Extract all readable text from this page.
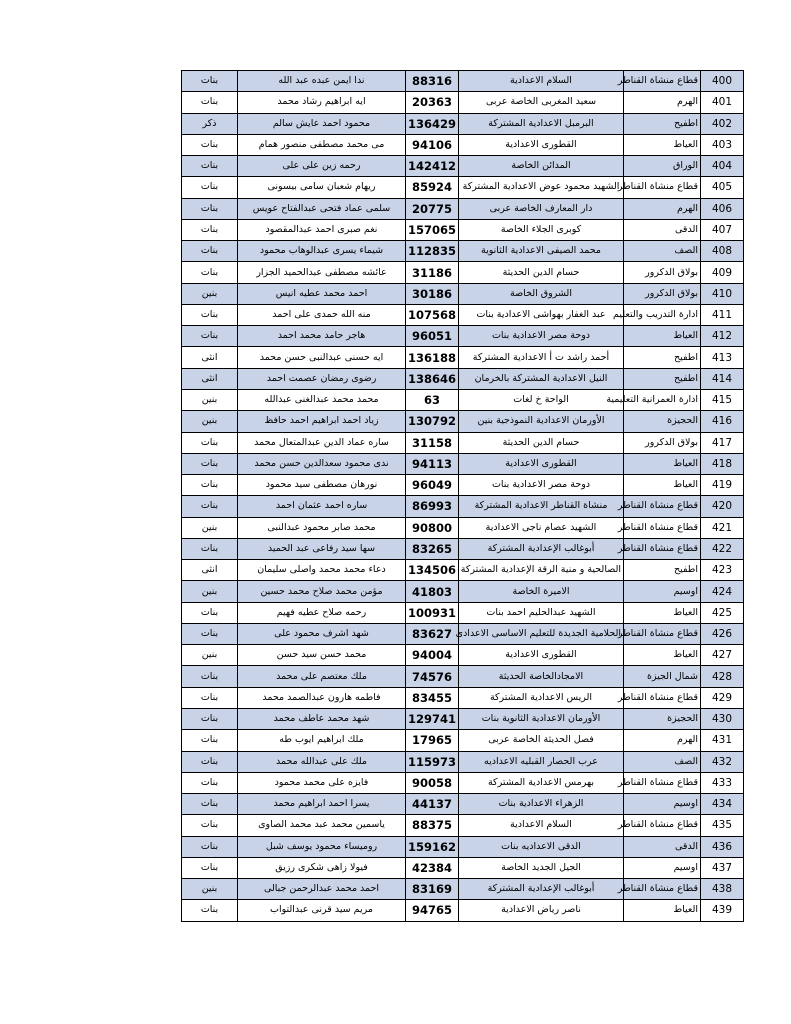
بنات	ندا ايمن عبده عبد الله	88316	السلام الاعدادية	قطاع منشاة القناطر	400
بنات	ايه ابراهيم رشاد محمد	20363	سعيد المغربى الخاصة عربى	الهرم	401
ذكر	محمود احمد عايش سالم	136429	البرمبل الاعدادية المشتركة	اطفيح	402
بنات	مى محمد مصطفى منصور همام	94106	القطورى الاعدادية	العياط	403
بنات	رحمه زين على على	142412	المدائن الخاصة	الوراق	404
بنات	ريهام شعبان سامى بيسونى	85924	الشهيد محمود عوض الاعدادية المشتركة	قطاع منشاة القناطر	405
بنات	سلمى عماد فتحى عبدالفتاح عويس	20775	دار المعارف الخاصة عربى	الهرم	406
بنات	نغم صبرى احمد عبدالمقصود	157065	كوبرى الجلاء الخاصة	الدقى	407
بنات	شيماء يسرى عبدالوهاب محمود	112835	محمد الصيفى الاعدادية الثانوية	الصف	408
بنات	عائشه مصطفى عبدالحميد الجزار	31186	حسام الدين الحديثة	بولاق الدكرور	409
بنين	احمد محمد عطيه انيس	30186	الشروق الخاصة	بولاق الدكرور	410
بنات	منه الله حمدى على احمد	107568	عبد الغفار بهواشى الاعدادية بنات	ادارة التدريب والتعليم	411
بنات	هاجر حامد محمد احمد	96051	دوحة مصر الاعدادية بنات	العياط	412
انثى	ايه حسنى عبدالنبى حسن محمد	136188	أحمد راشد ت أ الاعدادية المشتركة	اطفيح	413
انثى	رضوى رمضان عصمت احمد	138646	النيل الاعدادية المشتركة بالخرمان	اطفيح	414
بنين	محمد محمد عبدالغنى عبدالله	63	الواحة خ لغات	ادارة العمرانية التعليمية	415
بنين	زياد احمد ابراهيم احمد حافظ	130792	الأورمان الاعدادية النموذجية بنين	الحجيزة	416
بنات	ساره عماد الدين عبدالمتعال محمد	31158	حسام الدين الحديثة	بولاق الدكرور	417
بنات	ندى محمود سعدالدين حسن محمد	94113	القطورى الاعدادية	العياط	418
بنات	نورهان مصطفى سيد محمود	96049	دوحة مصر الاعدادية بنات	العياط	419
بنات	ساره احمد عثمان احمد	86993	منشاة القناطر الاعدادية المشتركة	قطاع منشاة القناطر	420
بنين	محمد صابر محمود عبدالنبى	90800	الشهيد عصام ناجى الاعدادية	قطاع منشاة القناطر	421
بنات	سها سيد رفاعى عبد الحميد	83265	أبوغالب الإعدادية المشتركة	قطاع منشاة القناطر	422
انثى	دعاء محمد محمد واصلى سليمان	134506	الصالحية و منية الرقة الإعدادية المشتركة	اطفيح	423
بنين	مؤمن محمد صلاح محمد حسين	41803	الاميرة الخاصة	اوسيم	424
بنات	رحمه صلاح عطيه فهيم	100931	الشهيد عبدالحليم احمد بنات	العياط	425
بنات	شهد اشرف محمود على	83627	الحلامية الجديدة للتعليم الاساسى الاعدادى	قطاع منشاة القناطر	426
بنين	محمد حسن سيد حسن	94004	القطورى الاعدادية	العياط	427
بنات	ملك معتصم على محمد	74576	الامجادالخاصة الحديثة	شمال الجيزة	428
بنات	فاطمه هارون عبدالصمد محمد	83455	الريس الاعدادية المشتركة	قطاع منشاة القناطر	429
بنات	شهد محمد عاطف محمد	129741	الأورمان الاعدادية الثانوية بنات	الحجيزة	430
بنات	ملك ابراهيم ايوب طه	17965	فصل الحديثة الخاصة عربى	الهرم	431
بنات	ملك على عبدالله محمد	115973	عرب الحصار القبليه الاعداديه	الصف	432
بنات	فايزه على محمد محمود	90058	بهرمس الاعدادية المشتركة	قطاع منشاة القناطر	433
بنات	يسرا احمد ابراهيم محمد	44137	الزهراء الاعدادية بنات	اوسيم	434
بنات	ياسمين محمد عبد محمد الصاوى	88375	السلام الاعدادية	قطاع منشاة القناطر	435
بنات	روميساء محمود يوسف شبل	159162	الدقى الاعداديه بنات	الدقى	436
بنات	فيولا زاهى شكرى رزيق	42384	الجيل الجديد الخاصة	اوسيم	437
بنين	احمد محمد عبدالرحمن جبالى	83169	أبوغالب الإعدادية المشتركة	قطاع منشاة القناطر	438
بنات	مريم سيد قرنى عبدالتواب	94765	ناصر رياض الاعدادية	العياط	439
